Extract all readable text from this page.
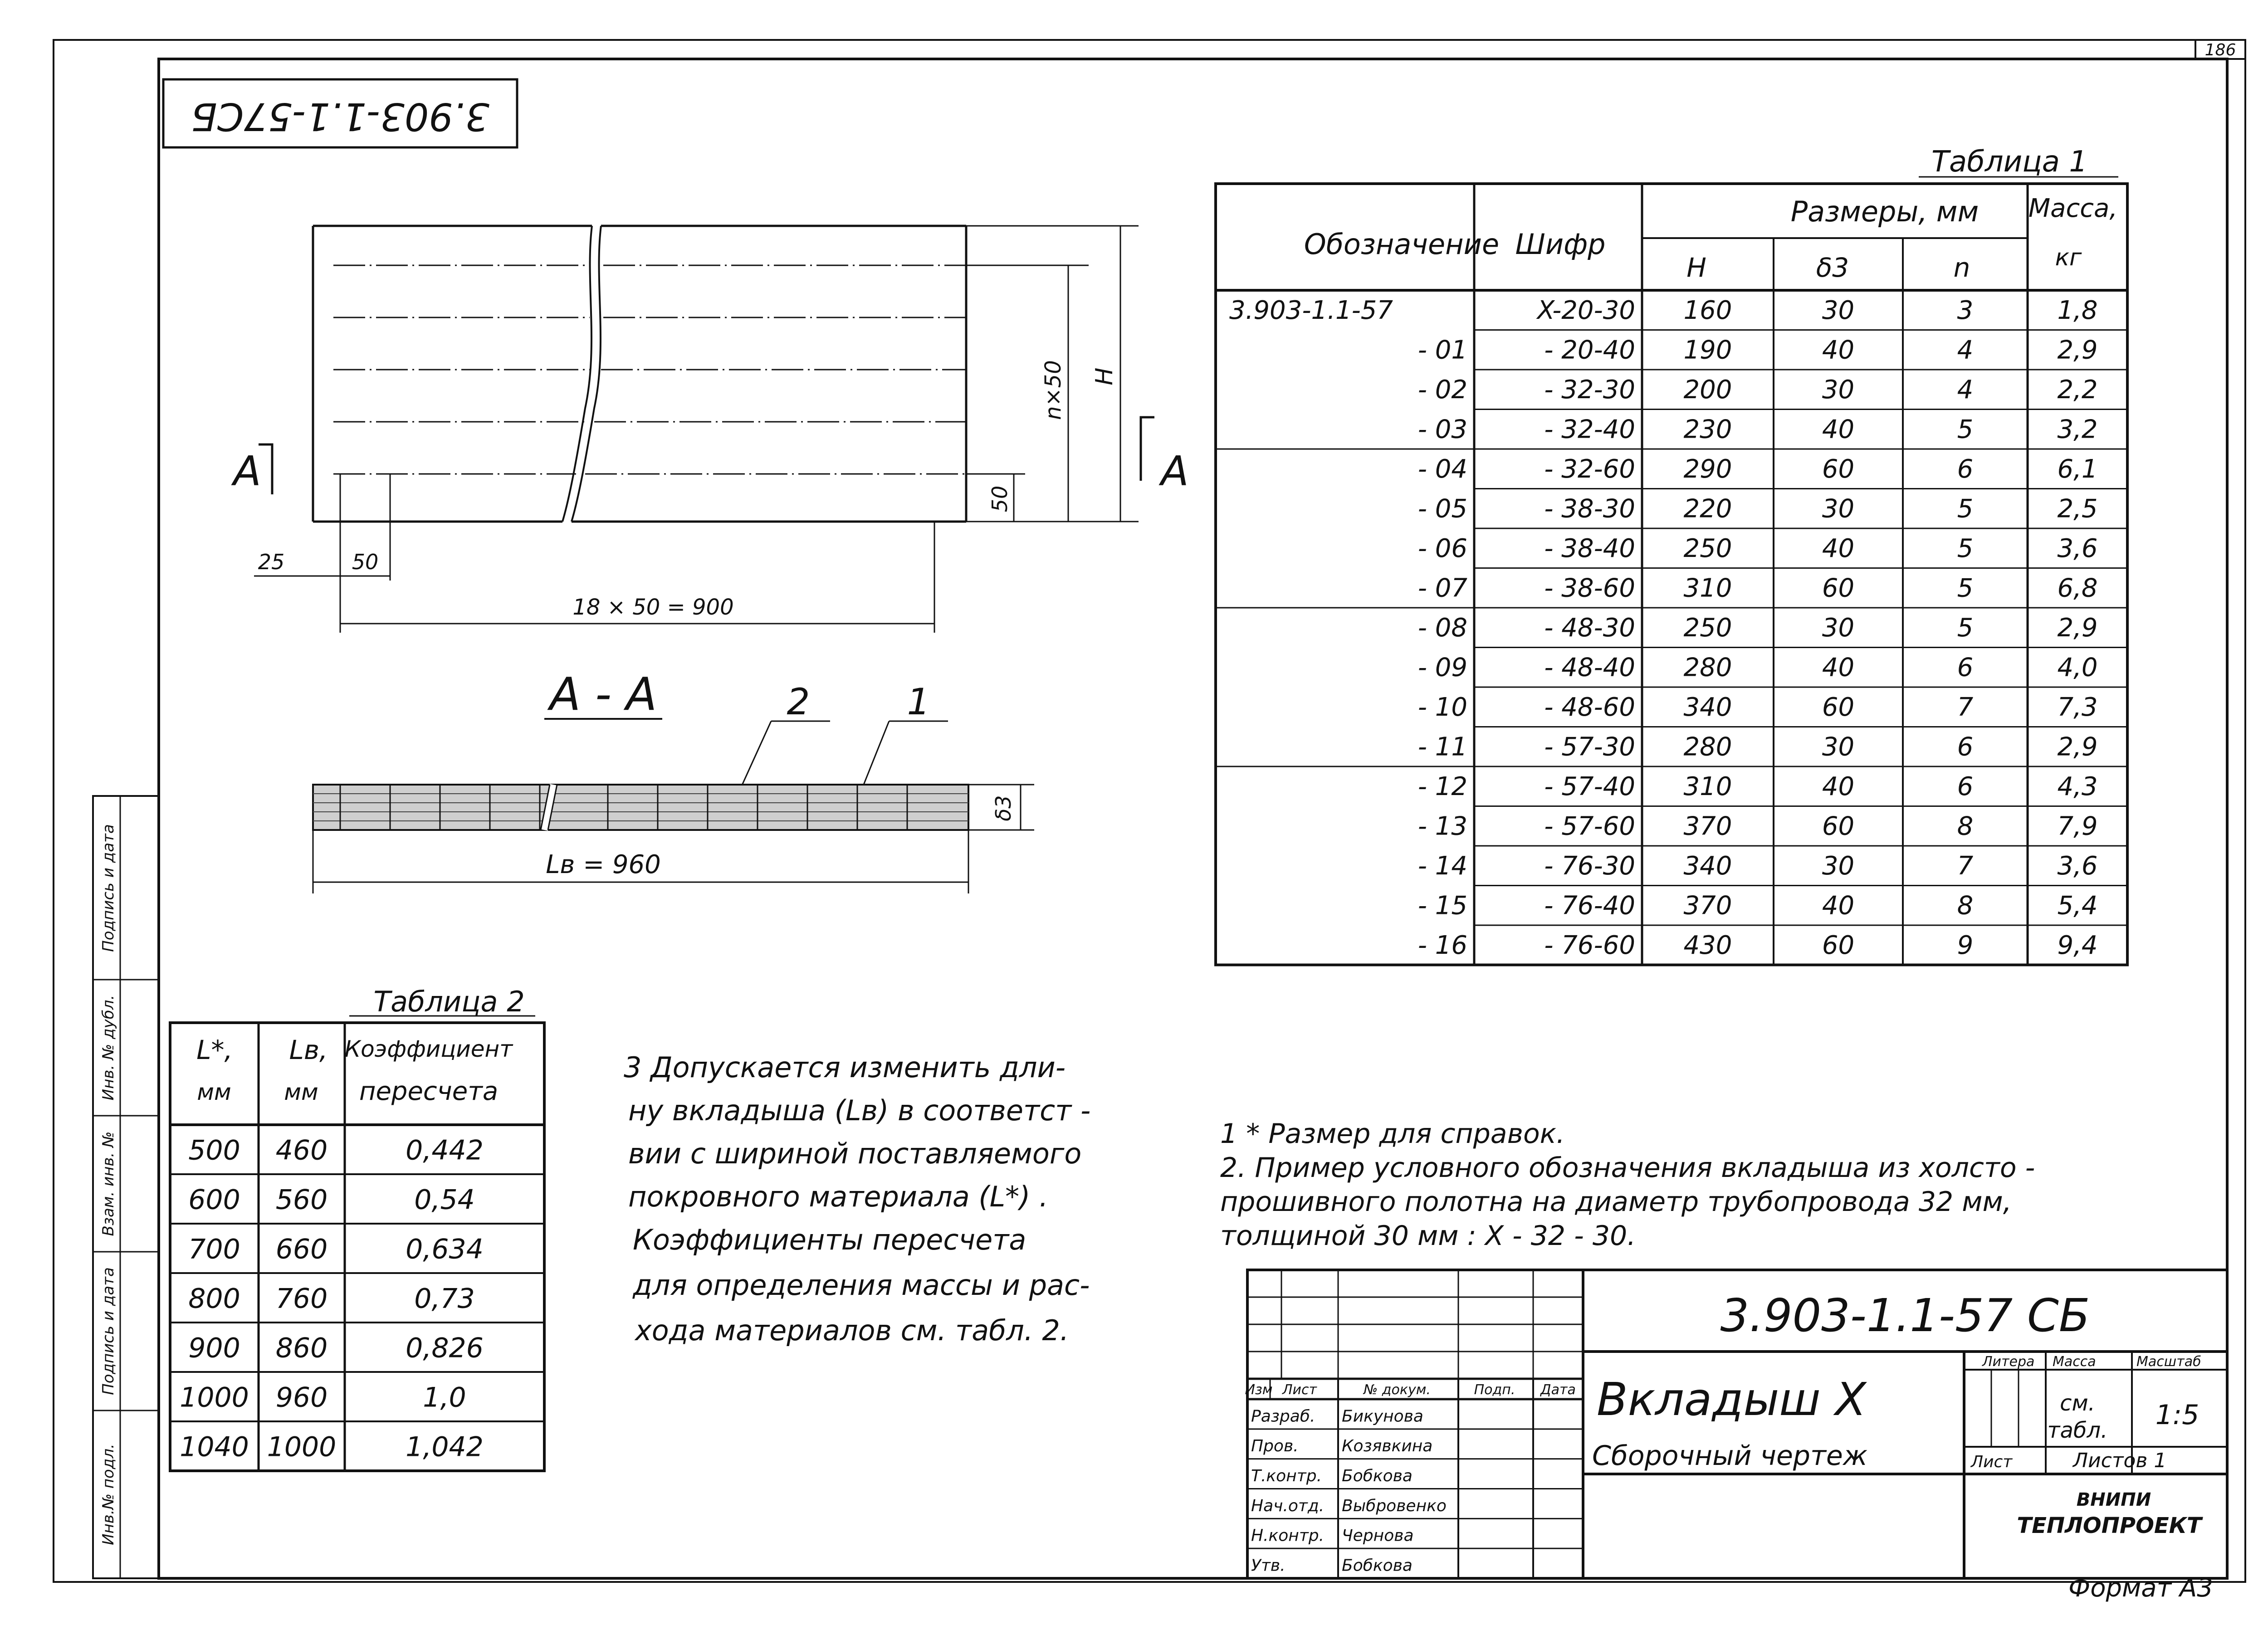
186
3.903-1.1-57СБ
Инв.№ подл.
Подпись и дата
Взам. инв. №
Инв. № дубл.
Подпись и дата
n×50 H
50
25	50
18 × 50 = 900
A	A
A - A	2	1
δ3
Lв = 960
Таблица 1
Обозначение Шифр
Размеры, мм
H	δ3	n
Масса,
кг
3.903-1.1-57	X-20-30 160	30	3	1,8
- 01	- 20-40 190	40	4	2,9
- 02	- 32-30 200	30	4	2,2
- 03	- 32-40 230	40	5	3,2
- 04	- 32-60 290	60	6	6,1
- 05	- 38-30 220	30	5	2,5
- 06	- 38-40 250	40	5	3,6
- 07	- 38-60 310	60	5	6,8
- 08	- 48-30 250	30	5	2,9
- 09	- 48-40 280	40	6	4,0
- 10	- 48-60 340	60	7	7,3
- 11	- 57-30 280	30	6	2,9
- 12	- 57-40 310	40	6	4,3
- 13	- 57-60 370	60	8	7,9
- 14	- 76-30 340	30	7	3,6
- 15	- 76-40 370	40	8	5,4
- 16	- 76-60 430	60	9	9,4
1 * Размер для справок.
2. Пример условного обозначения вкладыша из холсто -
прошивного полотна на диаметр трубопровода 32 мм,
толщиной 30 мм : X - 32 - 30.
Таблица 2
L*,
мм
Lв,
мм
Коэффициент
пересчета
500 460	0,442
600 560	0,54
700 660	0,634
800 760	0,73
900 860	0,826
1000 960	1,0
1040 1000	1,042
3 Допускается изменить дли-
ну вкладыша (Lв) в соответст -
вии с шириной поставляемого
покровного материала (L*) .
Коэффициенты пересчета
для определения массы и рас-
хода материалов см. табл. 2.	3.903-1.1-57 СБ
Вкладыш Х
Сборочный чертеж
Литера Масса	Масштаб
см.
табл. 1:5
Лист	Листов 1
ВНИПИ
ТЕПЛОПРОЕКТ
Изм Лист	№ докум.	Подп. Дата
Разраб. Бикунова
Пров.	Козявкина
Т.контр. Бобкова
Нач.отд. Выбровенко
Н.контр. Чернова
Утв.	Бобкова
Формат А3
